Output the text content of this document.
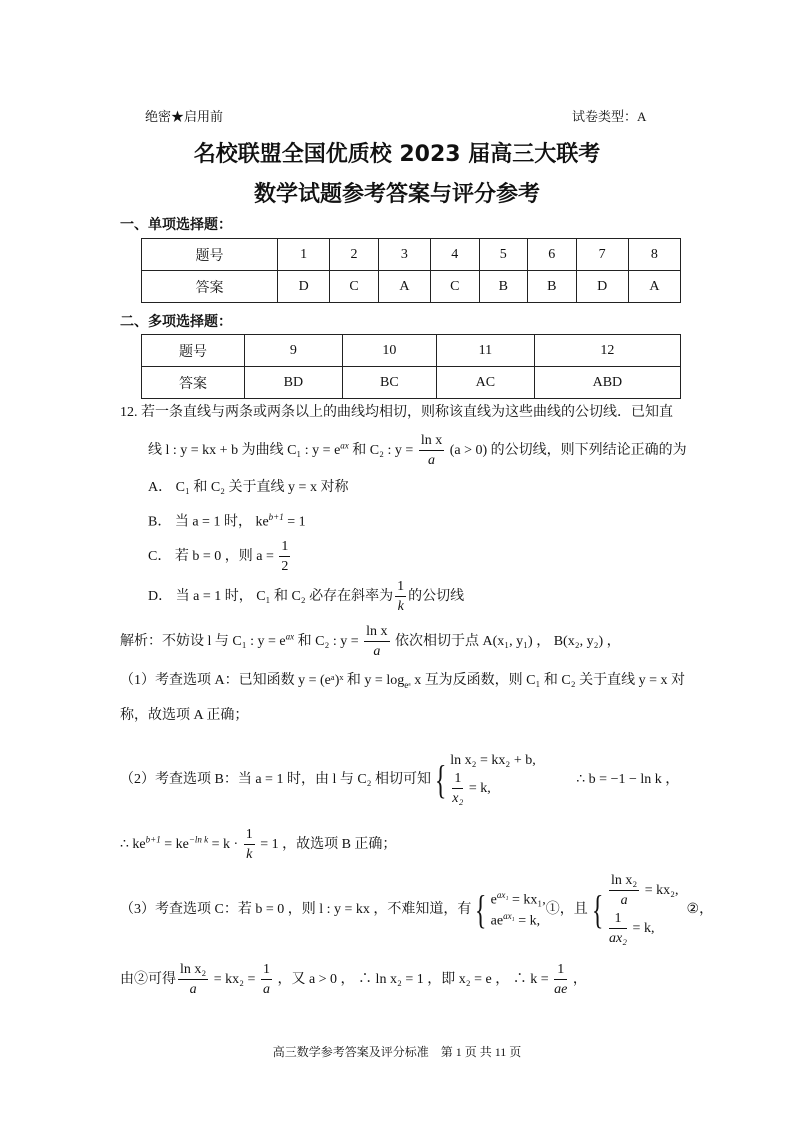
绝密★启用前	试卷类型：A
名校联盟全国优质校 2023 届高三大联考
数学试题参考答案与评分参考
一、单项选择题：
题号	1	2	3	4	5	6	7	8
答案	D	C	A	C	B	B	D	A
二、多项选择题：
题号	9	10	11	12
答案	BD	BC	AC	ABD
12. 若一条直线与两条或两条以上的曲线均相切，则称该直线为这些曲线的公切线．已知直
线 l : y = kx + b 为曲线 C₁ : $y = e^{ax}$ 和 C₂ : $y = \frac{\text{ln x}}{a} (a > 0)$ 的公切线，则下列结论正确的为
A． C₁ 和 C₂ 关于直线 y = x 对称
B． 当 a = 1 时， $ke^{b+1} = 1$
C． 若 b = 0 ，则 $a = \frac{1}{2}$
D． 当 a = 1 时， C₁ 和 C₂ 必存在斜率为 $\frac{1}{k}$ 的公切线
解析：不妨设 l 与 C₁ : $y = e^{ax}$ 和 C₂ : $y = \frac{\text{ln x}}{a}$ 依次相切于点 A(x₁, y₁) ， B(x₂, y₂) ，
（1）考查选项 A：已知函数 y = (eᵃ)ˣ 和 $y = \log_{eᵃ} x$ 互为反函数，则 C₁ 和 C₂ 关于直线 y = x 对
称，故选项 A 正确；
（2）考查选项 B：当 a = 1 时，由 l 与 C₂ 相切可知{ ln x₂ = kx₂ + b,
$\frac{1}{\text{x₂}} = k$,
∴ b = −1 − ln k ，
∴ $ke^{b+1} = ke^{-ln k} = k \cdot \frac{1}{k} = 1$ ，故选项 B 正确；
（3）考查选项 C：若 b = 0 ，则 l : y = kx ，不难知道，有{ $e^{ax_1} = kx_1$,
$ae^{ax_1} = k$,
①，且{ $\frac{\text{ln x₂}}{a} = kx_2$,
$\frac{1}{\text{ax₂}} = k$,
②，
由②可得 $\frac{\text{ln x₂}}{a} = kx_2 = \frac{1}{a}$ ，又 a > 0 ， ∴ ln x₂ = 1 ，即 x₂ = e ， ∴ $k = \frac{1}{ae}$ ，
高三数学参考答案及评分标准　第 1 页 共 11 页
